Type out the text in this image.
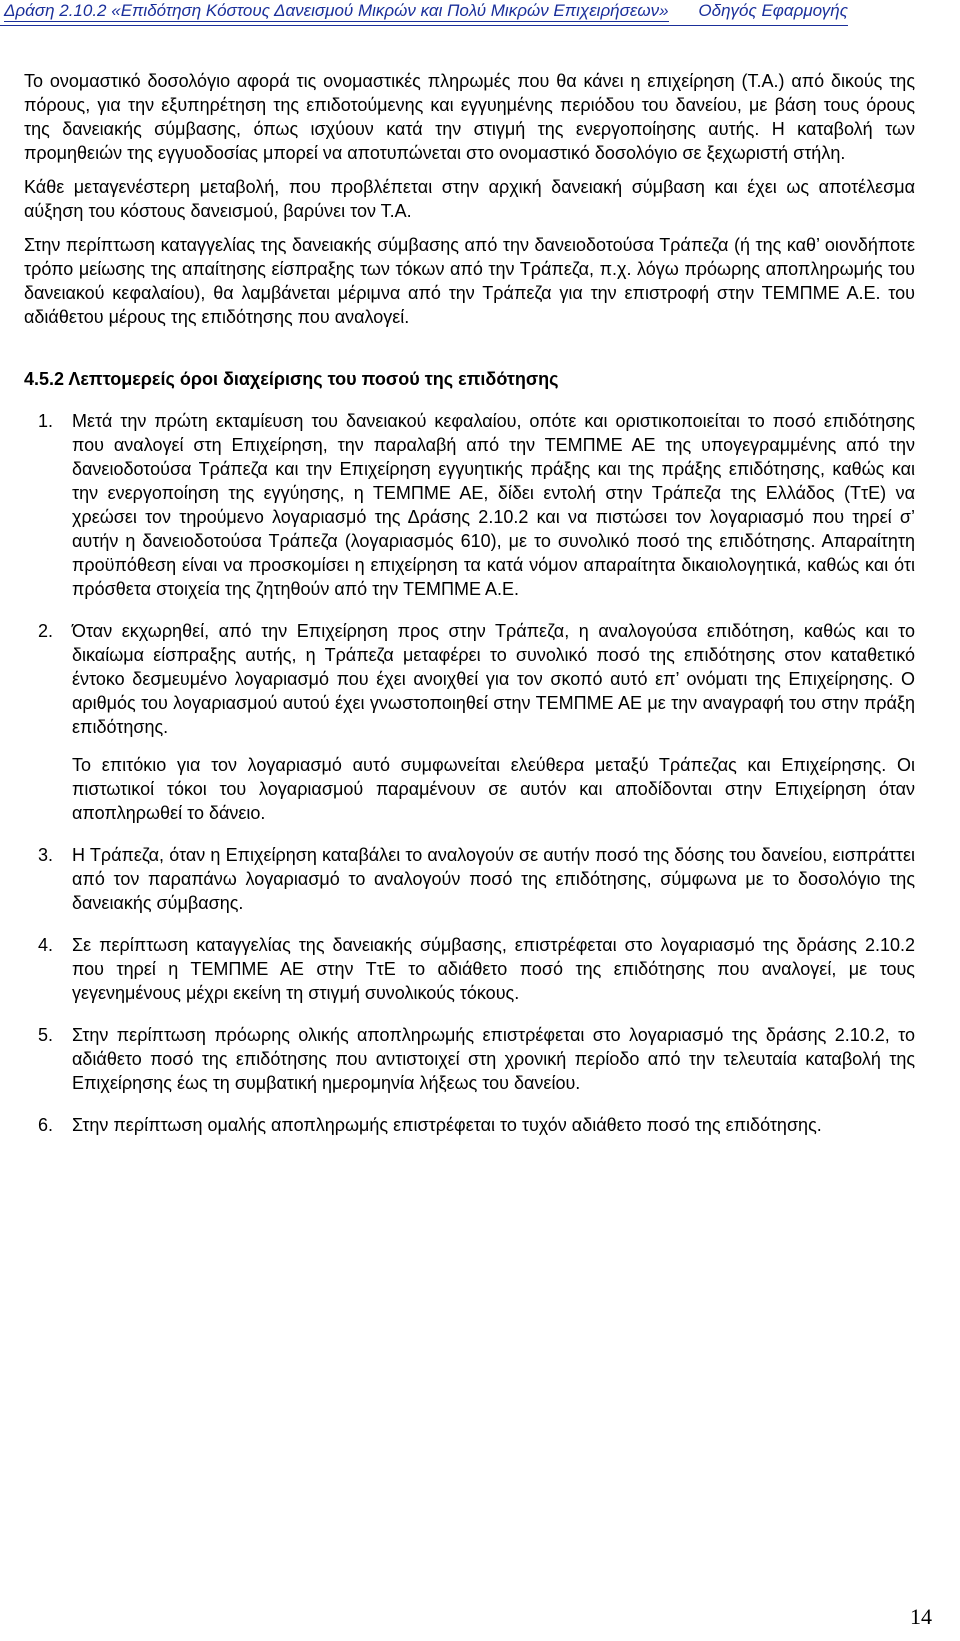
Δράση 2.10.2 «Επιδότηση Κόστους Δανεισμού Μικρών και Πολύ Μικρών Επιχειρήσεων» Οδηγός Εφαρμογής

Το ονομαστικό δοσολόγιο αφορά τις ονομαστικές πληρωμές που θα κάνει η επιχείρηση (Τ.Α.) από δικούς της πόρους, για την εξυπηρέτηση της επιδοτούμενης και εγγυημένης περιόδου του δανείου, με βάση τους όρους της δανειακής σύμβασης, όπως ισχύουν κατά την στιγμή της ενεργοποίησης αυτής. Η καταβολή των προμηθειών της εγγυοδοσίας μπορεί να αποτυπώνεται στο ονομαστικό δοσολόγιο σε ξεχωριστή στήλη.

Κάθε μεταγενέστερη μεταβολή, που προβλέπεται στην αρχική δανειακή σύμβαση και έχει ως αποτέλεσμα αύξηση του κόστους δανεισμού, βαρύνει τον Τ.Α.

Στην περίπτωση καταγγελίας της δανειακής σύμβασης από την δανειοδοτούσα Τράπεζα (ή της καθ’ οιονδήποτε τρόπο μείωσης της απαίτησης είσπραξης των τόκων από την Τράπεζα, π.χ. λόγω πρόωρης αποπληρωμής του δανειακού κεφαλαίου), θα λαμβάνεται μέριμνα από την Τράπεζα για την επιστροφή στην ΤΕΜΠΜΕ Α.Ε. του αδιάθετου μέρους της επιδότησης που αναλογεί.

4.5.2 Λεπτομερείς όροι διαχείρισης του ποσού της επιδότησης
1. Μετά την πρώτη εκταμίευση του δανειακού κεφαλαίου, οπότε και οριστικοποιείται το ποσό επιδότησης που αναλογεί στη Επιχείρηση, την παραλαβή από την ΤΕΜΠΜΕ ΑΕ της υπογεγραμμένης από την δανειοδοτούσα Τράπεζα και την Επιχείρηση εγγυητικής πράξης και της πράξης επιδότησης, καθώς και την ενεργοποίηση της εγγύησης, η ΤΕΜΠΜΕ ΑΕ, δίδει εντολή στην Τράπεζα της Ελλάδος (ΤτΕ) να χρεώσει τον τηρούμενο λογαριασμό της Δράσης 2.10.2 και να πιστώσει τον λογαριασμό που τηρεί σ’ αυτήν η δανειοδοτούσα Τράπεζα (λογαριασμός 610), με το συνολικό ποσό της επιδότησης. Απαραίτητη προϋπόθεση είναι να προσκομίσει η επιχείρηση τα κατά νόμον απαραίτητα δικαιολογητικά, καθώς και ότι πρόσθετα στοιχεία της ζητηθούν από την ΤΕΜΠΜΕ Α.Ε.

2. Όταν εκχωρηθεί, από την Επιχείρηση προς στην Τράπεζα, η αναλογούσα επιδότηση, καθώς και το δικαίωμα είσπραξης αυτής, η Τράπεζα μεταφέρει το συνολικό ποσό της επιδότησης στον καταθετικό έντοκο δεσμευμένο λογαριασμό που έχει ανοιχθεί για τον σκοπό αυτό επ’ ονόματι της Επιχείρησης. Ο αριθμός του λογαριασμού αυτού έχει γνωστοποιηθεί στην ΤΕΜΠΜΕ ΑΕ με την αναγραφή του στην πράξη επιδότησης.

Το επιτόκιο για τον λογαριασμό αυτό συμφωνείται ελεύθερα μεταξύ Τράπεζας και Επιχείρησης. Οι πιστωτικοί τόκοι του λογαριασμού παραμένουν σε αυτόν και αποδίδονται στην Επιχείρηση όταν αποπληρωθεί το δάνειο.

3. Η Τράπεζα, όταν η Επιχείρηση καταβάλει το αναλογούν σε αυτήν ποσό της δόσης του δανείου, εισπράττει από τον παραπάνω λογαριασμό το αναλογούν ποσό της επιδότησης, σύμφωνα με το δοσολόγιο της δανειακής σύμβασης.

4. Σε περίπτωση καταγγελίας της δανειακής σύμβασης, επιστρέφεται στο λογαριασμό της δράσης 2.10.2 που τηρεί η ΤΕΜΠΜΕ ΑΕ στην ΤτΕ το αδιάθετο ποσό της επιδότησης που αναλογεί, με τους γεγενημένους μέχρι εκείνη τη στιγμή συνολικούς τόκους.

5. Στην περίπτωση πρόωρης ολικής αποπληρωμής επιστρέφεται στο λογαριασμό της δράσης 2.10.2, το αδιάθετο ποσό της επιδότησης που αντιστοιχεί στη χρονική περίοδο από την τελευταία καταβολή της Επιχείρησης έως τη συμβατική ημερομηνία λήξεως του δανείου.

6. Στην περίπτωση ομαλής αποπληρωμής επιστρέφεται το τυχόν αδιάθετο ποσό της επιδότησης.

14
